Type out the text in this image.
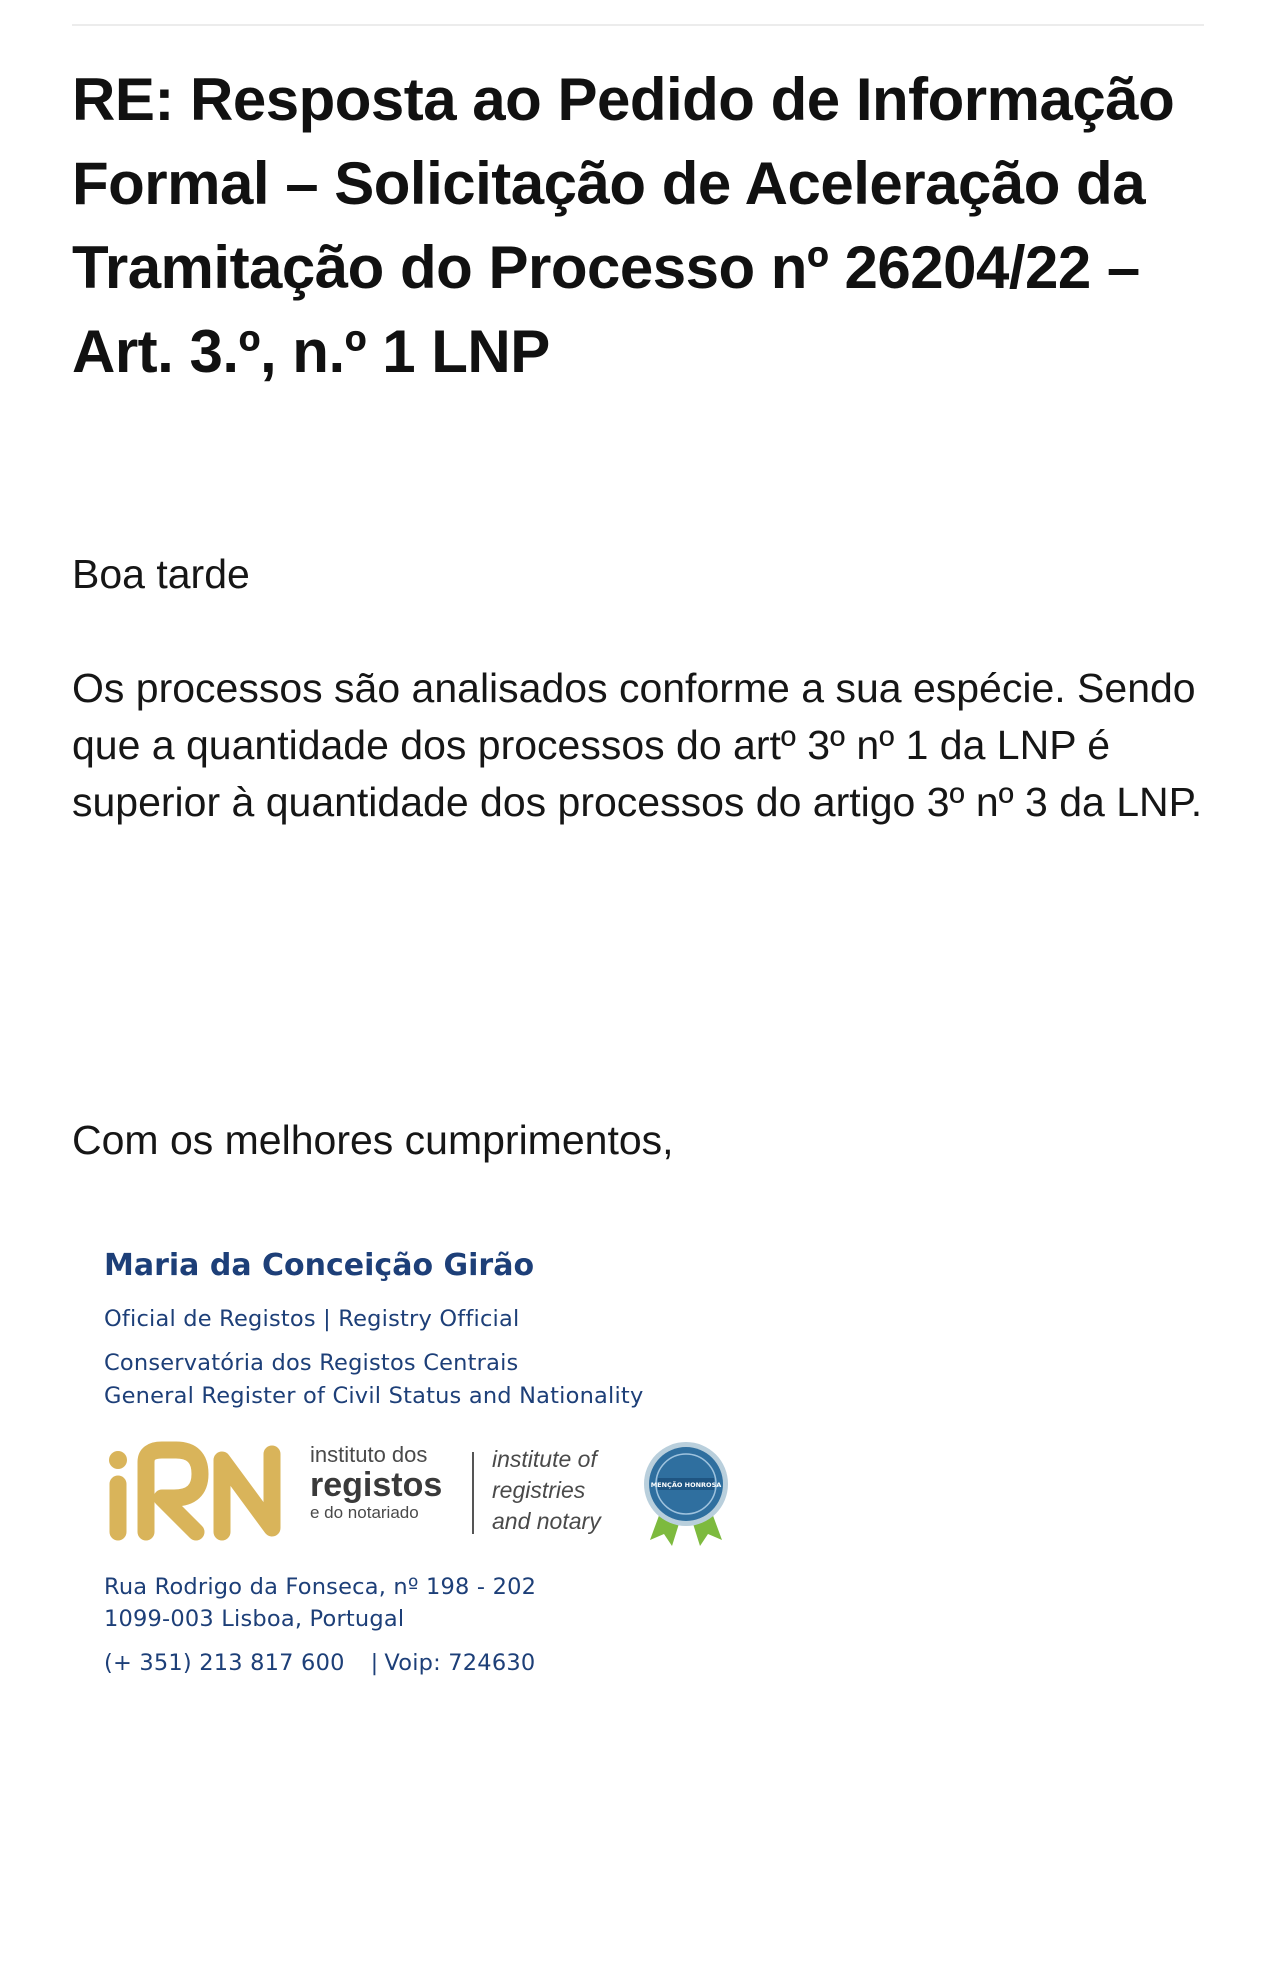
RE: Resposta ao Pedido de Informação Formal – Solicitação de Aceleração da Tramitação do Processo nº 26204/22 – Art. 3.º, n.º 1 LNP

Boa tarde

Os processos são analisados conforme a sua espécie. Sendo que a quantidade dos processos do artº 3º nº 1 da LNP é superior à quantidade dos processos do artigo 3º nº 3 da LNP.

Com os melhores cumprimentos,

Maria da Conceição Girão
Oficial de Registos | Registry Official
Conservatória dos Registos Centrais
General Register of Civil Status and Nationality
instituto dos
registos
e do notariado
institute of
registries
and notary
MENÇÃO HONROSA
Rua Rodrigo da Fonseca, nº 198 - 202
1099-003 Lisboa, Portugal
(+ 351) 213 817 600 | Voip: 724630
